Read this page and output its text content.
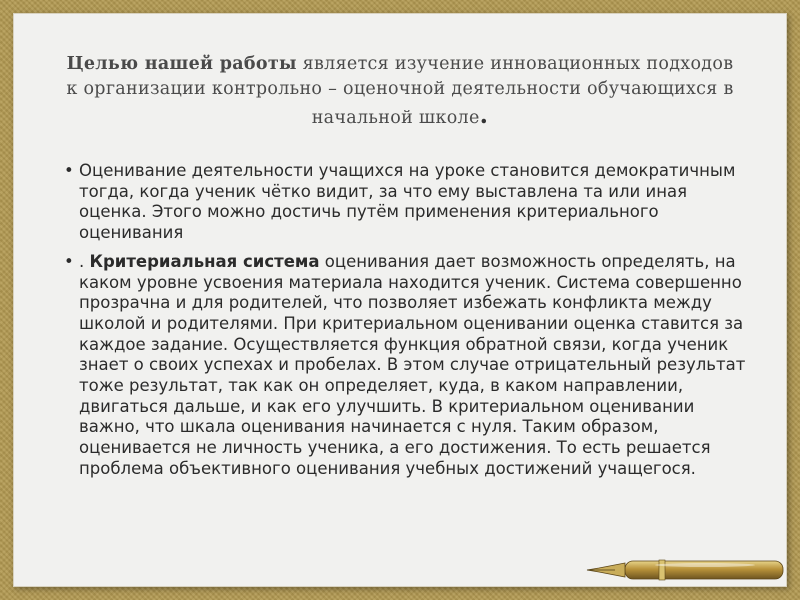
Целью нашей работы является изучение инновационных подходов
к организации контрольно – оценочной деятельности обучающихся в
начальной школе.
• Оценивание деятельности учащихся на уроке становится демократичным тогда, когда ученик чётко видит, за что ему выставлена та или иная оценка. Этого можно достичь путём применения критериального оценивания
• . Критериальная система оценивания дает возможность определять, на каком уровне усвоения материала находится ученик. Система совершенно прозрачна и для родителей, что позволяет избежать конфликта между школой и родителями. При критериальном оценивании оценка ставится за каждое задание. Осуществляется функция обратной связи, когда ученик знает о своих успехах и пробелах. В этом случае отрицательный результат тоже результат, так как он определяет, куда, в каком направлении, двигаться дальше, и как его улучшить. В критериальном оценивании важно, что шкала оценивания начинается с нуля. Таким образом, оценивается не личность ученика, а его достижения. То есть решается проблема объективного оценивания учебных достижений учащегося.
